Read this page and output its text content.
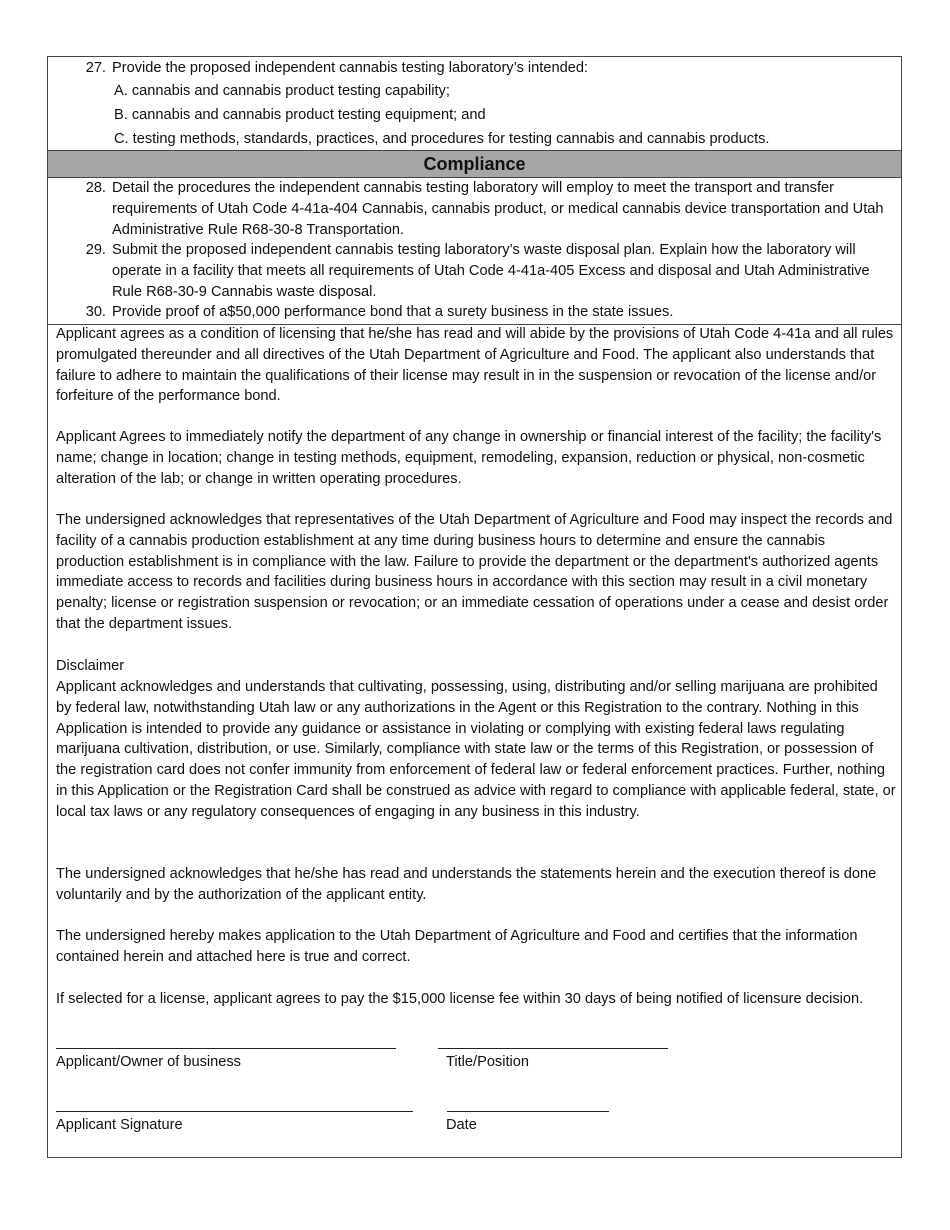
27. Provide the proposed independent cannabis testing laboratory’s intended:
A. cannabis and cannabis product testing capability;
B. cannabis and cannabis product testing equipment; and
C. testing methods, standards, practices, and procedures for testing cannabis and cannabis products.
Compliance
28. Detail the procedures the independent cannabis testing laboratory will employ to meet the transport and transfer requirements of Utah Code 4-41a-404 Cannabis, cannabis product, or medical cannabis device transportation and Utah Administrative Rule R68-30-8 Transportation.
29. Submit the proposed independent cannabis testing laboratory’s waste disposal plan. Explain how the laboratory will operate in a facility that meets all requirements of Utah Code 4-41a-405 Excess and disposal and Utah Administrative Rule R68-30-9 Cannabis waste disposal.
30. Provide proof of a$50,000 performance bond that a surety business in the state issues.
Applicant agrees as a condition of licensing that he/she has read and will abide by the provisions of Utah Code 4-41a and all rules promulgated thereunder and all directives of the Utah Department of Agriculture and Food. The applicant also understands that failure to adhere to maintain the qualifications of their license may result in in the suspension or revocation of the license and/or forfeiture of the performance bond.
Applicant Agrees to immediately notify the department of any change in ownership or financial interest of the facility; the facility's name; change in location; change in testing methods, equipment, remodeling, expansion, reduction or physical, non-cosmetic alteration of the lab; or change in written operating procedures.
The undersigned acknowledges that representatives of the Utah Department of Agriculture and Food may inspect the records and facility of a cannabis production establishment at any time during business hours to determine and ensure the cannabis production establishment is in compliance with the law. Failure to provide the department or the department's authorized agents immediate access to records and facilities during business hours in accordance with this section may result in a civil monetary penalty; license or registration suspension or revocation; or an immediate cessation of operations under a cease and desist order that the department issues.
Disclaimer
Applicant acknowledges and understands that cultivating, possessing, using, distributing and/or selling marijuana are prohibited by federal law, notwithstanding Utah law or any authorizations in the Agent or this Registration to the contrary. Nothing in this Application is intended to provide any guidance or assistance in violating or complying with existing federal laws regulating marijuana cultivation, distribution, or use. Similarly, compliance with state law or the terms of this Registration, or possession of the registration card does not confer immunity from enforcement of federal law or federal enforcement practices. Further, nothing in this Application or the Registration Card shall be construed as advice with regard to compliance with applicable federal, state, or local tax laws or any regulatory consequences of engaging in any business in this industry.
The undersigned acknowledges that he/she has read and understands the statements herein and the execution thereof is done voluntarily and by the authorization of the applicant entity.
The undersigned hereby makes application to the Utah Department of Agriculture and Food and certifies that the information contained herein and attached here is true and correct.
If selected for a license, applicant agrees to pay the $15,000 license fee within 30 days of being notified of licensure decision.
Applicant/Owner of business	Title/Position
Applicant Signature	Date
